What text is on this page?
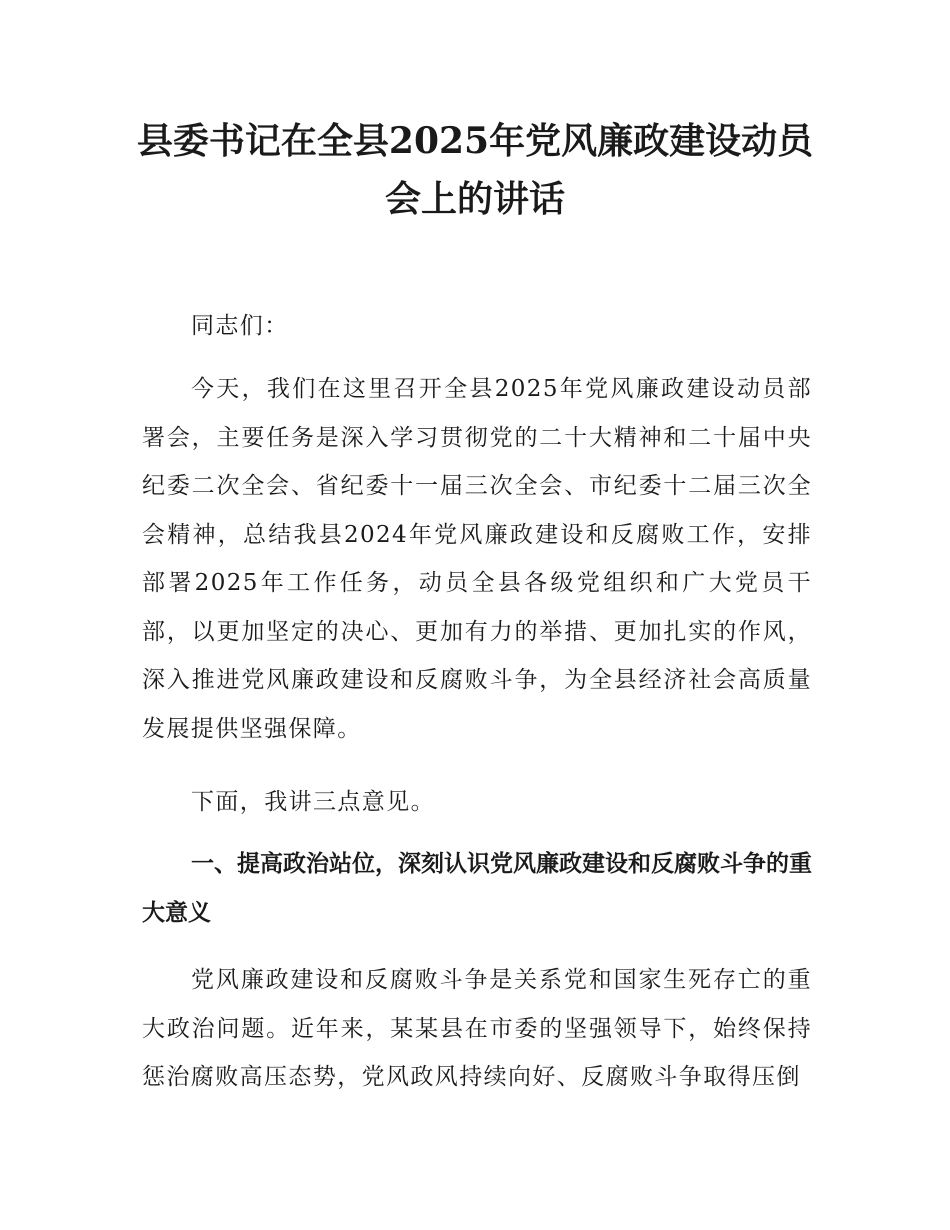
县委书记在全县2025年党风廉政建设动员会上的讲话

同志们：

今天，我们在这里召开全县2025年党风廉政建设动员部署会，主要任务是深入学习贯彻党的二十大精神和二十届中央纪委二次全会、省纪委十一届三次全会、市纪委十二届三次全会精神，总结我县2024年党风廉政建设和反腐败工作，安排部署2025年工作任务，动员全县各级党组织和广大党员干部，以更加坚定的决心、更加有力的举措、更加扎实的作风，深入推进党风廉政建设和反腐败斗争，为全县经济社会高质量发展提供坚强保障。

下面，我讲三点意见。

一、提高政治站位，深刻认识党风廉政建设和反腐败斗争的重大意义

党风廉政建设和反腐败斗争是关系党和国家生死存亡的重大政治问题。近年来，某某县在市委的坚强领导下，始终保持惩治腐败高压态势，党风政风持续向好、反腐败斗争取得压倒
